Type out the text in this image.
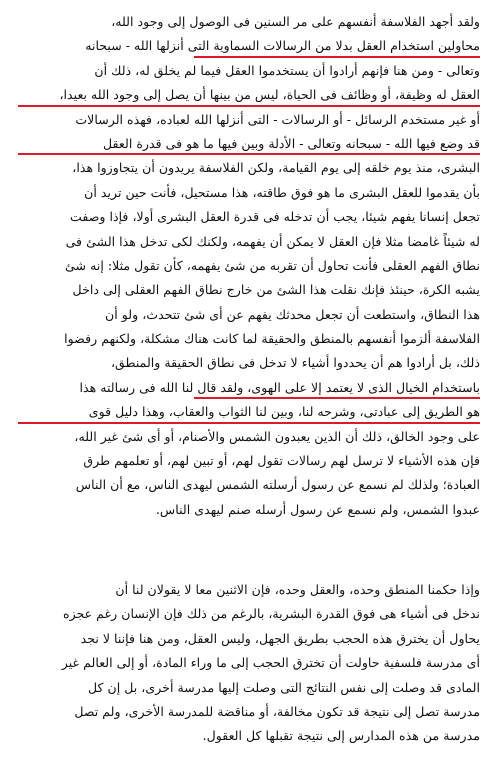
ولقد أجهد الفلاسفة أنفسهم على مر السنين فى الوصول إلى وجود الله،
محاولين استخدام العقل بدلا من الرسالات السماوية التى أنزلها الله - سبحانه
وتعالى - ومن هنا فإنهم أرادوا أن يستخدموا العقل فيما لم يخلق له، ذلك أن
العقل له وظيفة، أو وظائف فى الحياة، ليس من بينها أن يصل إلى وجود الله بعيدا،
أو غير مستخدم الرسائل - أو الرسالات - التى أنزلها الله لعباده، فهذه الرسالات
قد وضع فيها الله - سبحانه وتعالى - الأدلة وبين فيها ما هو فى قدرة العقل
البشرى، منذ يوم خلقه إلى يوم القيامة، ولكن الفلاسفة يريدون أن يتجاوزوا هذا،
بأن يقدموا للعقل البشرى ما هو فوق طاقته، هذا مستحيل، فأنت حين تريد أن
تجعل إنسانا يفهم شيئا، يجب أن تدخله فى قدرة العقل البشرى أولا، فإذا وصفت
له شيئاً غامضا مثلا فإن العقل لا يمكن أن يفهمه، ولكنك لكى تدخل هذا الشئ فى
نطاق الفهم العقلى فأنت تحاول أن تقربه من شئ يفهمه، كأن تقول مثلا: إنه شئ
يشبه الكرة، حينئذ فإنك نقلت هذا الشئ من خارج نطاق الفهم العقلى إلى داخل
هذا النطاق، واستطعت أن تجعل محدثك يفهم عن أى شئ تتحدث، ولو أن
الفلاسفة ألزموا أنفسهم بالمنطق والحقيقة لما كانت هناك مشكلة، ولكنهم رفضوا
ذلك، بل أرادوا هم أن يحددوا أشياء لا تدخل فى نطاق الحقيقة والمنطق،
باستخدام الخيال الذى لا يعتمد إلا على الهوى، ولقد قال لنا الله فى رسالته هذا
هو الطريق إلى عبادتى، وشرحه لنا، وبين لنا الثواب والعقاب، وهذا دليل قوى
على وجود الخالق، ذلك أن الذين يعبدون الشمس والأصنام، أو أى شئ غير الله،
فإن هذه الأشياء لا ترسل لهم رسالات تقول لهم، أو تبين لهم، أو تعلمهم طرق
العبادة؛ ولذلك لم نسمع عن رسول أرسلته الشمس ليهدى الناس، مع أن الناس
عبدوا الشمس، ولم نسمع عن رسول أرسله صنم ليهدى الناس.
وإذا حكمنا المنطق وحده، والعقل وحده، فإن الاثنين معا لا يقولان لنا أن
ندخل فى أشياء هى فوق القدرة البشرية، بالرغم من ذلك فإن الإنسان رغم عجزه
يحاول أن يخترق هذه الحجب بطريق الجهل، وليس العقل، ومن هنا فإننا لا نجد
أى مدرسة فلسفية حاولت أن تخترق الحجب إلى ما وراء المادة، أو إلى العالم غير
المادى قد وصلت إلى نفس النتائج التى وصلت إليها مدرسة أخرى، بل إن كل
مدرسة تصل إلى نتيجة قد تكون مخالفة، أو مناقضة للمدرسة الأخرى، ولم تصل
مدرسة من هذه المدارس إلى نتيجة تقبلها كل العقول.
